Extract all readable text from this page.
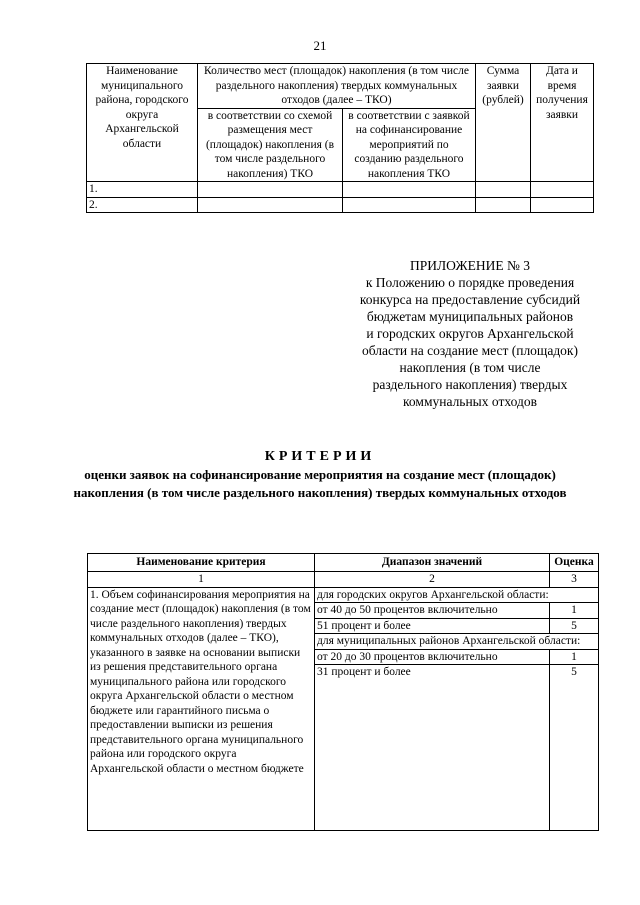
21
Наименование муниципального района, городского округа Архангельской области	Количество мест (площадок) накопления (в том числе раздельного накопления) твердых коммунальных отходов (далее – ТКО)		Сумма заявки (рублей)	Дата и время получения заявки
	в соответствии со схемой размещения мест (площадок) накопления (в том числе раздельного накопления) ТКО	в соответствии с заявкой на софинансирование мероприятий по созданию раздельного накопления ТКО		
1.				
2.				
ПРИЛОЖЕНИЕ № 3
к Положению о порядке проведения
конкурса на предоставление субсидий
бюджетам муниципальных районов
и городских округов Архангельской
области на создание мест (площадок)
накопления (в том числе
раздельного накопления) твердых
коммунальных отходов
КРИТЕРИИ
оценки заявок на софинансирование мероприятия на создание мест (площадок) накопления (в том числе раздельного накопления) твердых коммунальных отходов
Наименование критерия	Диапазон значений	Оценка
1	2	3
1. Объем софинансирования мероприятия на создание мест (площадок) накопления (в том числе раздельного накопления) твердых коммунальных отходов (далее – ТКО), указанного в заявке на основании выписки из решения представительного органа муниципального района или городского округа Архангельской области о местном бюджете или гарантийного письма о предоставлении выписки из решения представительного органа муниципального района или городского округа Архангельской области о местном бюджете	для городских округов Архангельской области:	
	от 40 до 50 процентов включительно	1
	51 процент и более	5
	для муниципальных районов Архангельской области:	
	от 20 до 30 процентов включительно	1
	31 процент и более	5
